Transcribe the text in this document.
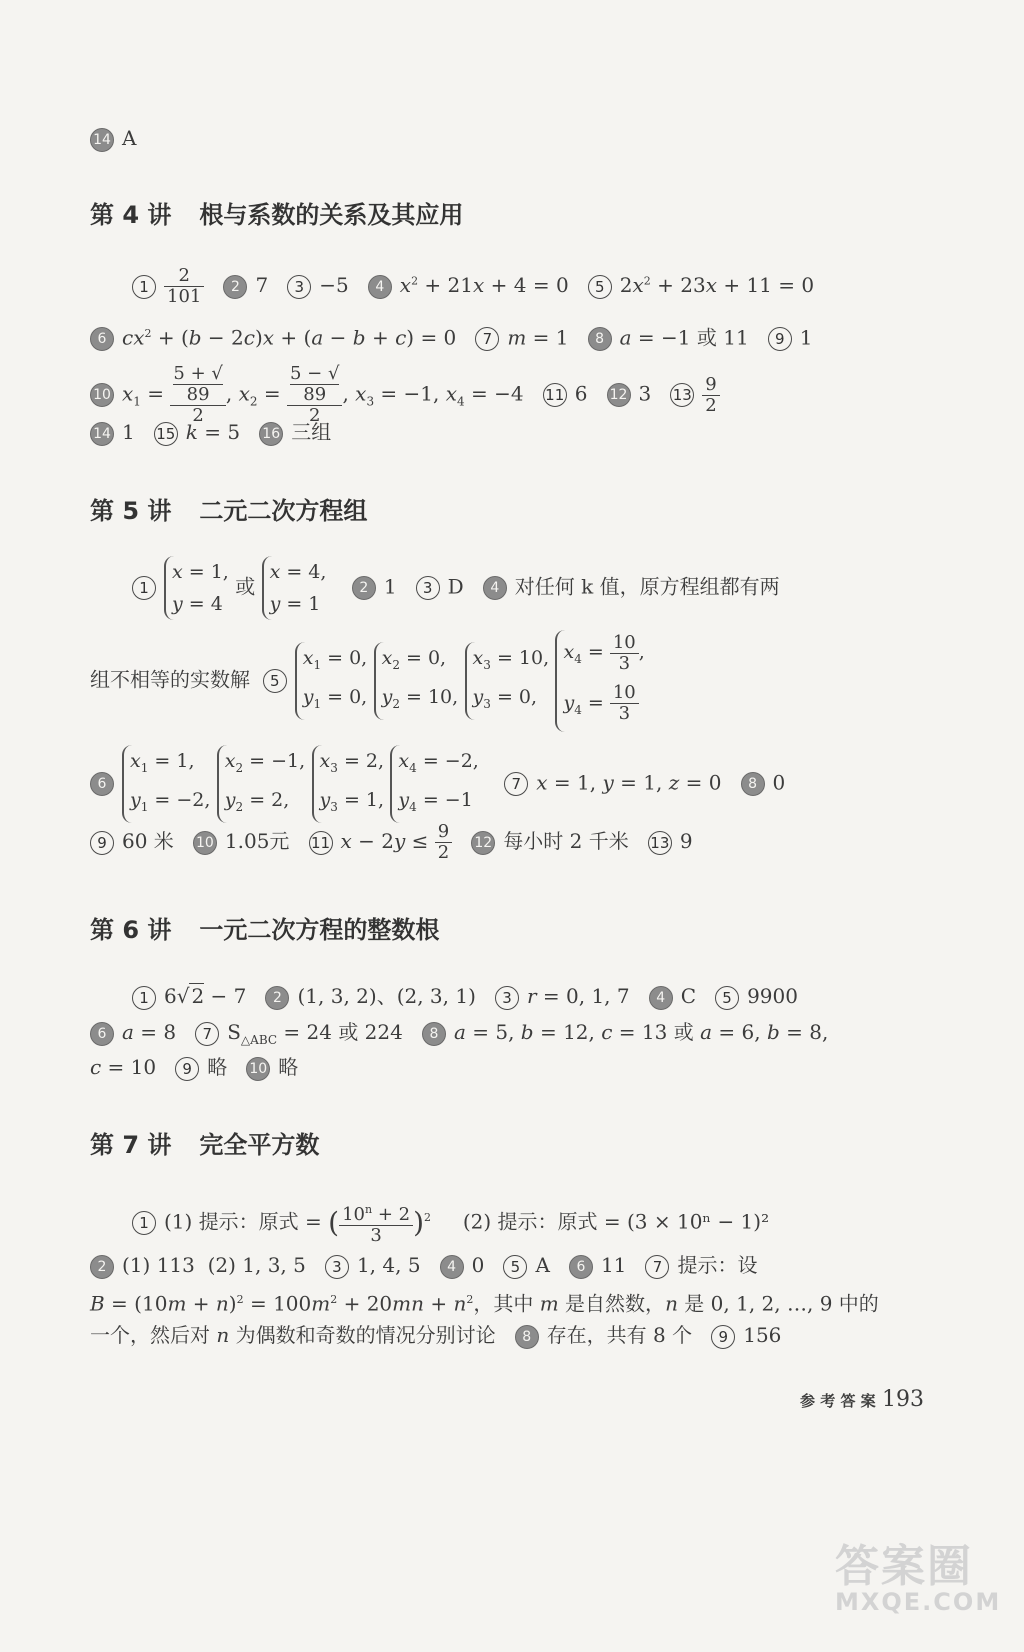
14 A
第 4 讲 根与系数的关系及其应用
$1 \frac{2}{101} 2$ 7   3 −5   4 $x^2 + 21x + 4 = 0$   5 $2x^2 + 23x + 11 = 0$
6 $cx^2 + (b - 2c)x + (a - b + c) = 0$   7 m = 1   8 a = −1 或 11   9 1
10 $x_1 = 5$ + √
89
2 , $x_2 = 5$ − √
89
2 , $x_3 = -1$, $x_4 = -4$   11 6   12 3   $13 \frac{9}{2}$
14 1   15 k = 5   16 三组
第 5 讲 二元二次方程组
1
x = 1,
y = 4
或
x = 4,
y = 1
2 1   3 D   4 对任何 k 值，原方程组都有两
组不相等的实数解 5
$x_1 = 0$,
$y_1 = 0$,

$x_2 = 0$,
$y_2 = 10$,

$x_3 = 10$,
$y_3 = 0$,

$x_4 = \frac{10}{3}$ ,
$y_4 = \frac{10}{3}$
6
$x_1 = 1$,
$y_1 = -2$,

$x_2 = -1$,
$y_2 = 2$,

$x_3 = 2$,
$y_3 = 1$,

$x_4 = -2$,
$y_4 = -1$
7 x = 1, y = 1, z = 0   8 0
9 60 米 10 1.05元 11 $x - 2y \le \frac{9}{2} 12$ 每小时 2 千米 13 9
第 6 讲 一元二次方程的整数根
1 6√ 2 − 7   2 (1, 3, 2)、(2, 3, 1)   3 r = 0, 1, 7   4 C   5 9900
6 a = 8   7 $S_{\triangle ABC} = 24$ 或 224   8 a = 5, b = 12, c = 13 或 a = 6, b = 8,
c = 10   9 略 10 略
第 7 讲 完全平方数
1 (1) 提示：原式 = ( $\frac{10^n + 2}{3} )^2$ (2) 提示：原式 = (3 × 10ⁿ − 1)²
2 (1) 113  (2) 1, 3, 5   3 1, 4, 5   4 0   5 A   6 11   7 提示：设
$B = (10m + n)^2 = 100m^2 + 20mn + n^2$，其中 m 是自然数，n 是 0, 1, 2, …, 9 中的
一个，然后对 n 为偶数和奇数的情况分别讨论   8 存在，共有 8 个 9 156
参 考 答 案 193
答案圈
MXQE.COM
